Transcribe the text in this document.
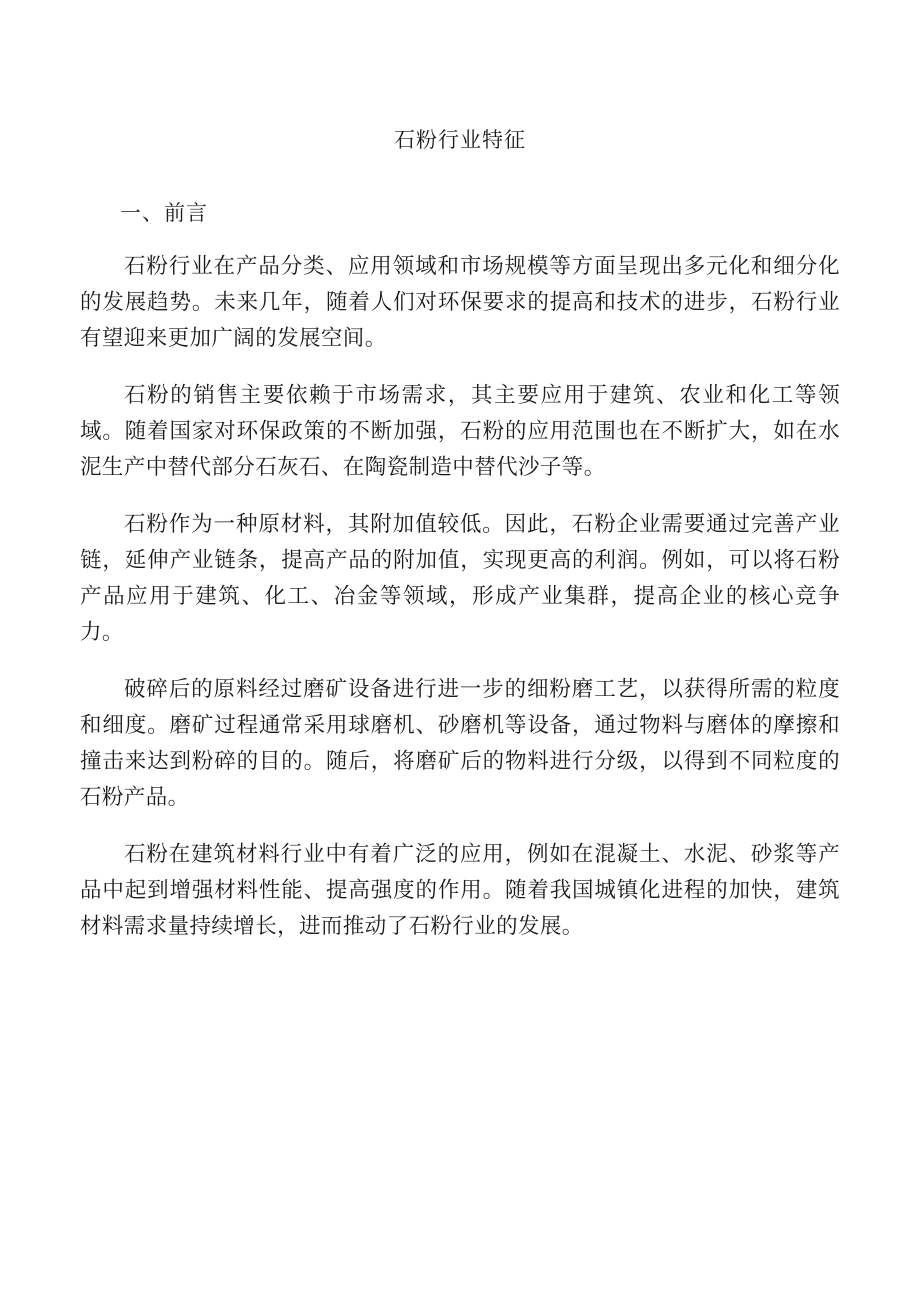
石粉行业特征
一、前言

石粉行业在产品分类、应用领域和市场规模等方面呈现出多元化和细分化的发展趋势。未来几年，随着人们对环保要求的提高和技术的进步，石粉行业有望迎来更加广阔的发展空间。

石粉的销售主要依赖于市场需求，其主要应用于建筑、农业和化工等领域。随着国家对环保政策的不断加强，石粉的应用范围也在不断扩大，如在水泥生产中替代部分石灰石、在陶瓷制造中替代沙子等。

石粉作为一种原材料，其附加值较低。因此，石粉企业需要通过完善产业链，延伸产业链条，提高产品的附加值，实现更高的利润。例如，可以将石粉产品应用于建筑、化工、冶金等领域，形成产业集群，提高企业的核心竞争力。

破碎后的原料经过磨矿设备进行进一步的细粉磨工艺，以获得所需的粒度和细度。磨矿过程通常采用球磨机、砂磨机等设备，通过物料与磨体的摩擦和撞击来达到粉碎的目的。随后，将磨矿后的物料进行分级，以得到不同粒度的石粉产品。

石粉在建筑材料行业中有着广泛的应用，例如在混凝土、水泥、砂浆等产品中起到增强材料性能、提高强度的作用。随着我国城镇化进程的加快，建筑材料需求量持续增长，进而推动了石粉行业的发展。
